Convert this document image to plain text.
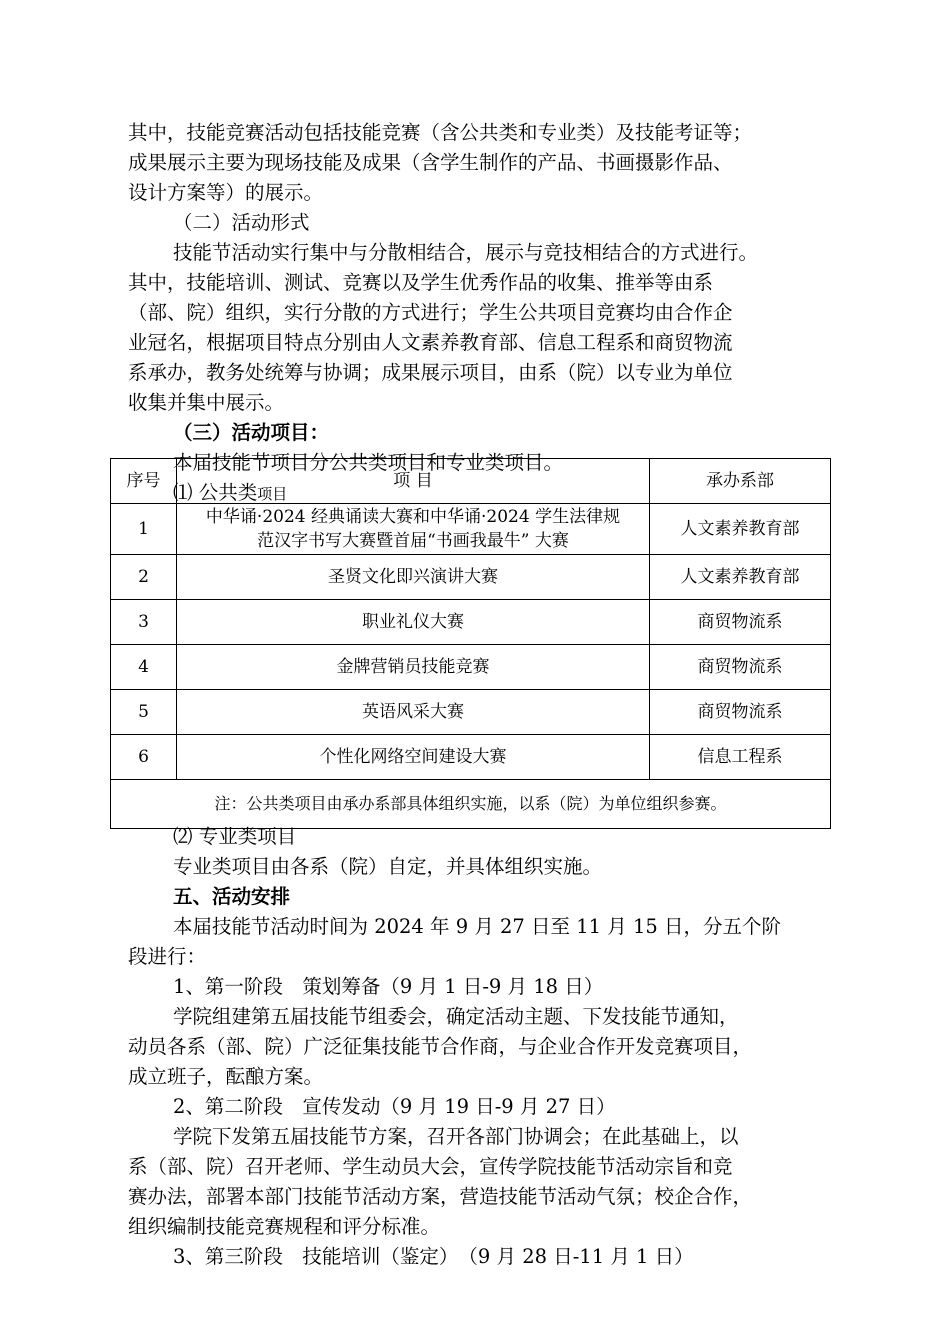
其中，技能竞赛活动包括技能竞赛（含公共类和专业类）及技能考证等；

成果展示主要为现场技能及成果（含学生制作的产品、书画摄影作品、

设计方案等）的展示。

（二）活动形式

技能节活动实行集中与分散相结合，展示与竞技相结合的方式进行。

其中，技能培训、测试、竞赛以及学生优秀作品的收集、推举等由系

（部、院）组织，实行分散的方式进行；学生公共项目竞赛均由合作企

业冠名，根据项目特点分别由人文素养教育部、信息工程系和商贸物流

系承办，教务处统筹与协调；成果展示项目，由系（院）以专业为单位

收集并集中展示。

（三）活动项目：

本届技能节项目分公共类项目和专业类项目。

⑴ 公共类项目

序号	项 目	承办系部
1	中华诵·2024 经典诵读大赛和中华诵·2024 学生法律规
范汉字书写大赛暨首届“书画我最牛” 大赛	人文素养教育部
2	圣贤文化即兴演讲大赛	人文素养教育部
3	职业礼仪大赛	商贸物流系
4	金牌营销员技能竞赛	商贸物流系
5	英语风采大赛	商贸物流系
6	个性化网络空间建设大赛	信息工程系
注：公共类项目由承办系部具体组织实施，以系（院）为单位组织参赛。		

⑵ 专业类项目

专业类项目由各系（院）自定，并具体组织实施。

五、活动安排

本届技能节活动时间为 2024 年 9 月 27 日至 11 月 15 日，分五个阶

段进行：

1、第一阶段　策划筹备（9 月 1 日-9 月 18 日）

学院组建第五届技能节组委会，确定活动主题、下发技能节通知，

动员各系（部、院）广泛征集技能节合作商，与企业合作开发竞赛项目，

成立班子，酝酿方案。

2、第二阶段　宣传发动（9 月 19 日-9 月 27 日）

学院下发第五届技能节方案，召开各部门协调会；在此基础上，以

系（部、院）召开老师、学生动员大会，宣传学院技能节活动宗旨和竞

赛办法，部署本部门技能节活动方案，营造技能节活动气氛；校企合作，

组织编制技能竞赛规程和评分标准。

3、第三阶段　技能培训（鉴定）　（9 月 28 日-11 月 1 日）
